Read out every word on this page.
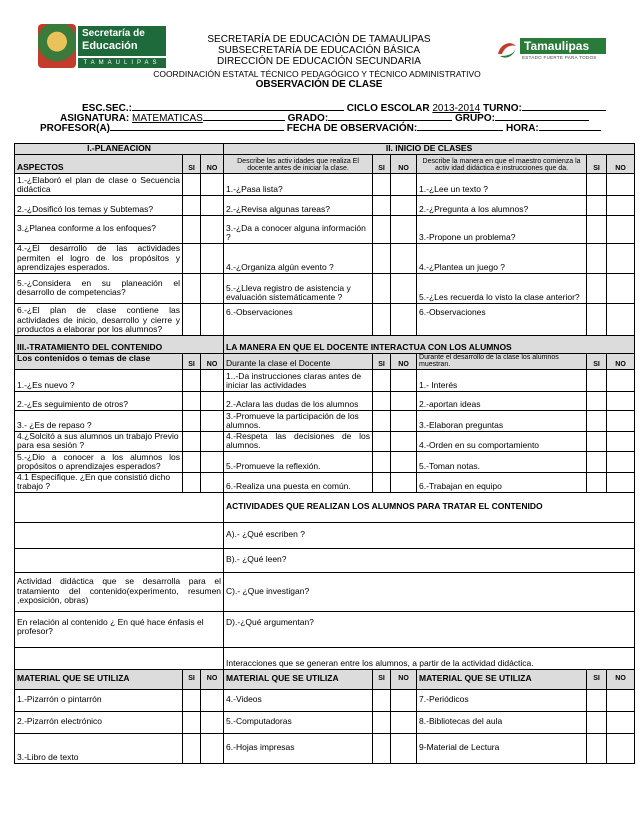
Secretaría de
Educación
TAMAULIPAS
Tamaulipas
ESTADO FUERTE PARA TODOS
SECRETARÍA DE EDUCACIÓN DE TAMAULIPAS
SUBSECRETARÍA DE EDUCACIÓN BÁSICA
DIRECCIÓN DE EDUCACIÓN SECUNDARIA
COORDINACIÓN ESTATAL TÉCNICO PEDAGÓGICO Y TÉCNICO ADMINISTRATIVO
OBSERVACIÓN DE CLASE
ESC.SEC.:	CICLO ESCOLAR 2013-2014 TURNO:
ASIGNATURA: MATEMATICAS	GRADO:	GRUPO:
PROFESOR(A)	FECHA DE OBSERVACIÓN:	HORA:
I.-PLANEACION			II. INICIO DE CLASES					
ASPECTOS	SI	NO	Describe las activ idades que realiza El docente antes de iniciar la clase.	SI	NO	Describe la manera en que el maestro comienza la activ idad didáctica e instrucciones que da.	SI	NO
1.-¿Elaboró el plan de clase o Secuencia didáctica			1.-¿Pasa lista?			1.-¿Lee un texto ?		
2.-¿Dosificó los temas y Subtemas?			2.-¿Revisa algunas tareas?			2.-¿Pregunta a los alumnos?		
3.¿Planea conforme a los enfoques?			3.-¿Da a conocer alguna información ?			3.-Propone un problema?		
4.-¿El desarrollo de las actividades permiten el logro de los propósitos y aprendizajes esperados.			4.-¿Organiza algún evento ?			4.-¿Plantea un juego ?		
5.-¿Considera en su planeación el desarrollo de competencias?			5.-¿Lleva registro de asistencia y evaluación sistemáticamente ?			5.-¿Les recuerda lo visto la clase anterior?		
6.-¿El plan de clase contiene las actividades de inicio, desarrollo y cierre y productos a elaborar por los alumnos?			6.-Observaciones			6.-Observaciones		
III.-TRATAMIENTO DEL CONTENIDO			LA MANERA EN QUE EL DOCENTE INTERACTUA CON LOS ALUMNOS					
Los contenidos o temas de clase	SI	NO	Durante la clase el Docente	SI	NO	Durante el desarrollo de la clase los alumnos muestran.	SI	NO
1.-¿Es nuevo ?			1..-Da instrucciones claras antes de iniciar las actividades			1.- Interés		
2.-¿Es seguimiento de otros?			2.-Aclara las dudas de los alumnos			2.-aportan ideas		
3.- ¿Es de repaso ?			3.-Promueve la participación de los alumnos.			3.-Elaboran preguntas		
4.¿Solcitó a sus alumnos un trabajo Previo para esa sesión ?			4.-Respeta las decisiones de los alumnos.			4.-Orden en su comportamiento		
5.-¿Dio a conocer a los alumnos los propósitos o aprendizajes esperados?			5.-Promueve la reflexión.			5.-Toman notas.		
4.1 Especifique. ¿En que consistió dicho trabajo ?			6.-Realiza una puesta en común.			6.-Trabajan en equipo		
			ACTIVIDADES QUE REALIZAN LOS ALUMNOS PARA TRATAR EL CONTENIDO					
			A).- ¿Qué escriben ?					
			B).- ¿Qué leen?					
Actividad didáctica que se desarrolla para el tratamiento del contenido(experimento, resumen ,exposición, obras)			C).- ¿Que investigan?					
En relación al contenido ¿ En qué hace énfasis el profesor?			D).-¿Qué argumentan?					
			Interacciones que se generan entre los alumnos, a partir de la actividad didáctica.					
MATERIAL QUE SE UTILIZA	SI	NO	MATERIAL QUE SE UTILIZA	SI	NO	MATERIAL QUE SE UTILIZA	SI	NO
1.-Pizarrón o pintarrón			4.-Videos			7.-Periódicos		
2.-Pizarrón electrónico			5.-Computadoras			8.-Bibliotecas del aula		
3.-Libro de texto			6.-Hojas impresas			9-Material de Lectura		
